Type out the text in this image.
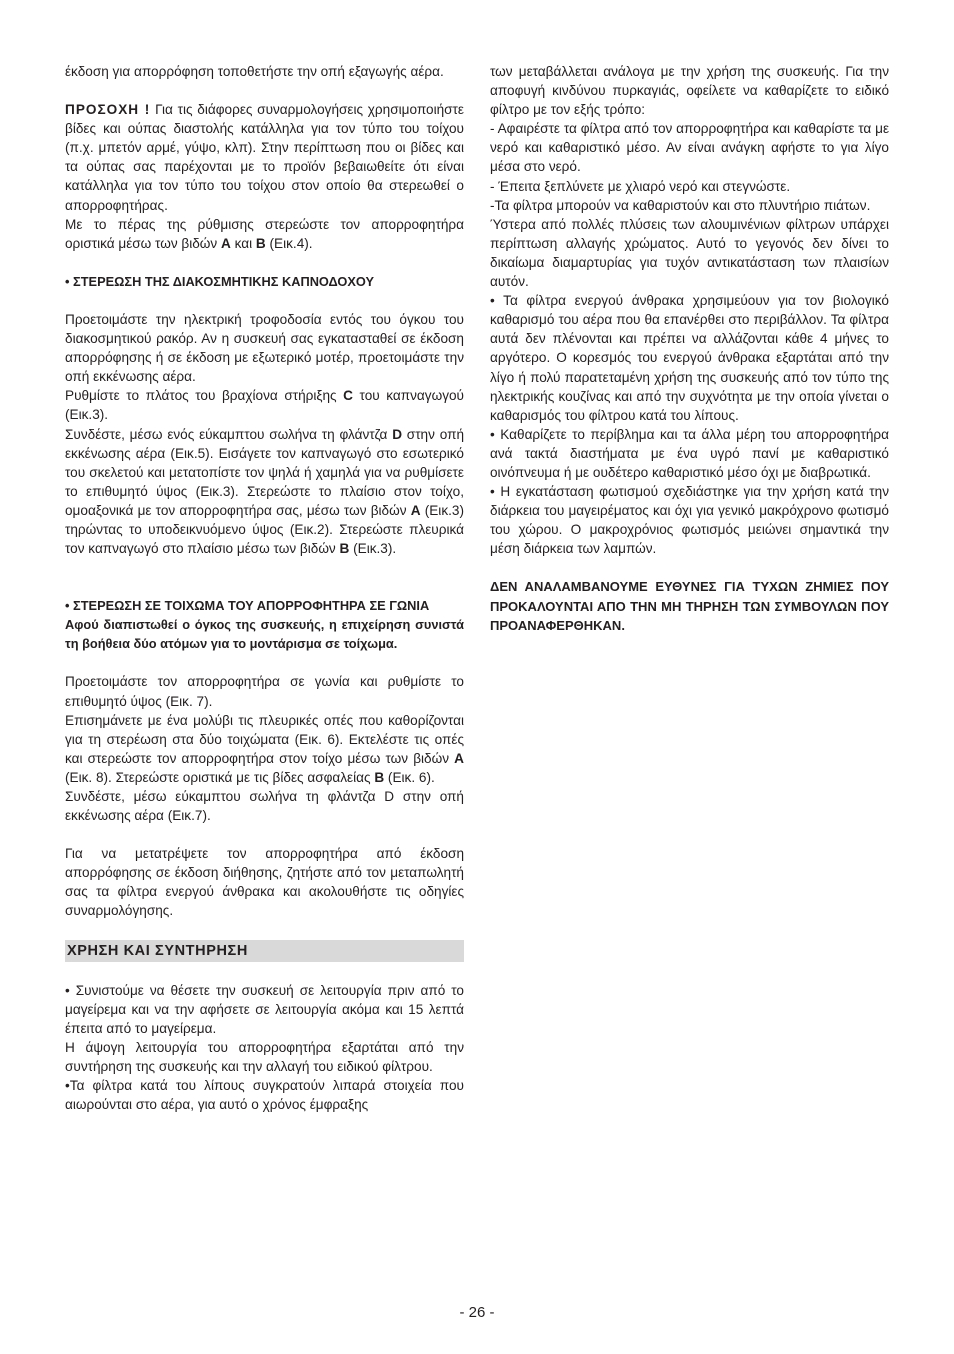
έκδοση για απορρόφηση τοποθετήστε την οπή εξαγωγής αέρα.

ΠΡΟΣΟΧΗ ! Για τις διάφορες συναρμολογήσεις χρησιμοποιήστε βίδες και ούπας διαστολής κατάλληλα για τον τύπο του τοίχου (π.χ. μπετόν αρμέ, γύψο, κλπ). Στην περίπτωση που οι βίδες και τα ούπας σας παρέχονται με το προϊόν βεβαιωθείτε ότι είναι κατάλληλα για τον τύπο του τοίχου στον οποίο θα στερεωθεί ο απορροφητήρας.

Με το πέρας της ρύθμισης στερεώστε τον απορροφητήρα οριστικά μέσω των βιδών A και B (Εικ.4).

• ΣΤΕΡΕΩΣΗ ΤΗΣ ΔΙΑΚΟΣΜΗΤΙΚΗΣ ΚΑΠΝΟΔΟΧΟΥ

Προετοιμάστε την ηλεκτρική τροφοδοσία εντός του όγκου του διακοσμητικού ρακόρ. Αν η συσκευή σας εγκατασταθεί σε έκδοση απορρόφησης ή σε έκδοση με εξωτερικό μοτέρ, προετοιμάστε την οπή εκκένωσης αέρα.

Ρυθμίστε το πλάτος του βραχίονα στήριξης C του καπναγωγού (Εικ.3).

Συνδέστε, μέσω ενός εύκαμπτου σωλήνα τη φλάντζα D στην οπή εκκένωσης αέρα (Εικ.5). Εισάγετε τον καπναγωγό στο εσωτερικό του σκελετού και μετατοπίστε τον ψηλά ή χαμηλά για να ρυθμίσετε το επιθυμητό ύψος (Εικ.3). Στερεώστε το πλαίσιο στον τοίχο, ομοαξονικά με τον απορροφητήρα σας, μέσω των βιδών A (Εικ.3) τηρώντας το υποδεικνυόμενο ύψος (Εικ.2). Στερεώστε πλευρικά τον καπναγωγό στο πλαίσιο μέσω των βιδών B (Εικ.3).

• ΣΤΕΡΕΩΣΗ ΣΕ ΤΟΙΧΩΜΑ ΤΟΥ ΑΠΟΡΡΟΦΗΤΗΡΑ ΣΕ ΓΩΝΙΑ

Αφού διαπιστωθεί ο όγκος της συσκευής, η επιχείρηση συνιστά τη βοήθεια δύο ατόμων για το μοντάρισμα σε τοίχωμα.

Προετοιμάστε τον απορροφητήρα σε γωνία και ρυθμίστε το επιθυμητό ύψος (Εικ. 7).

Επισημάνετε με ένα μολύβι τις πλευρικές οπές που καθορίζονται για τη στερέωση στα δύο τοιχώματα (Εικ. 6). Εκτελέστε τις οπές και στερεώστε τον απορροφητήρα στον τοίχο μέσω των βιδών A (Εικ. 8). Στερεώστε οριστικά με τις βίδες ασφαλείας B (Εικ. 6).

Συνδέστε, μέσω εύκαμπτου σωλήνα τη φλάντζα D στην οπή εκκένωσης αέρα (Εικ.7).

Για να μετατρέψετε τον απορροφητήρα από έκδοση απορρόφησης σε έκδοση διήθησης, ζητήστε από τον μεταπωλητή σας τα φίλτρα ενεργού άνθρακα και ακολουθήστε τις οδηγίες συναρμολόγησης.

ΧΡΗΣΗ ΚΑΙ ΣΥΝΤΗΡΗΣΗ

• Συνιστούμε να θέσετε την συσκευή σε λειτουργία πριν από το μαγείρεμα και να την αφήσετε σε λειτουργία ακόμα και 15 λεπτά έπειτα από το μαγείρεμα.

Η άψογη λειτουργία του απορροφητήρα εξαρτάται από την συντήρηση της συσκευής και την αλλαγή του ειδικού φίλτρου.

•Τα φίλτρα κατά του λίπους συγκρατούν λιπαρά στοιχεία που αιωρούνται στο αέρα, για αυτό ο χρόνος έμφραξης

των μεταβάλλεται ανάλογα με την χρήση της συσκευής. Για την αποφυγή κινδύνου πυρκαγιάς, οφείλετε να καθαρίζετε το ειδικό φίλτρο με τον εξής τρόπο:

- Αφαιρέστε τα φίλτρα από τον απορροφητήρα και καθαρίστε τα με νερό και καθαριστικό μέσο. Αν είναι ανάγκη αφήστε το για λίγο μέσα στο νερό.

- Έπειτα ξεπλύνετε με χλιαρό νερό και στεγνώστε.

-Τα φίλτρα μπορούν να καθαριστούν και στο πλυντήριο πιάτων.

Ύστερα από πολλές πλύσεις των αλουμινένιων φίλτρων υπάρχει περίπτωση αλλαγής χρώματος. Αυτό το γεγονός δεν δίνει το δικαίωμα διαμαρτυρίας για τυχόν αντικατάσταση των πλαισίων αυτόν.

• Τα φίλτρα ενεργού άνθρακα χρησιμεύουν για τον βιολογικό καθαρισμό του αέρα που θα επανέρθει στο περιβάλλον. Τα φίλτρα αυτά δεν πλένονται και πρέπει να αλλάζονται κάθε 4 μήνες το αργότερο. Ο κορεσμός του ενεργού άνθρακα εξαρτάται από την λίγο ή πολύ παρατεταμένη χρήση της συσκευής από τον τύπο της ηλεκτρικής κουζίνας και από την συχνότητα με την οποία γίνεται ο καθαρισμός του φίλτρου κατά του λίπους.

• Καθαρίζετε το περίβλημα και τα άλλα μέρη του απορροφητήρα ανά τακτά διαστήματα με ένα υγρό πανί με καθαριστικό οινόπνευμα ή με ουδέτερο καθαριστικό μέσο όχι με διαβρωτικά.

• Η εγκατάσταση φωτισμού σχεδιάστηκε για την χρήση κατά την διάρκεια του μαγειρέματος και όχι για γενικό μακρόχρονο φωτισμό του χώρου. Ο μακροχρόνιος φωτισμός μειώνει σημαντικά την μέση διάρκεια των λαμπών.

ΔΕΝ ΑΝΑΛΑΜΒΑΝΟΥΜΕ ΕΥΘΥΝΕΣ ΓΙΑ ΤΥΧΩΝ ΖΗΜΙΕΣ ΠΟΥ ΠΡΟΚΑΛΟΥΝΤΑΙ ΑΠΟ ΤΗΝ ΜΗ ΤΗΡΗΣΗ ΤΩΝ ΣΥΜΒΟΥΛΩΝ ΠΟΥ ΠΡΟΑΝΑΦΕΡΘΗΚΑΝ.

- 26 -
